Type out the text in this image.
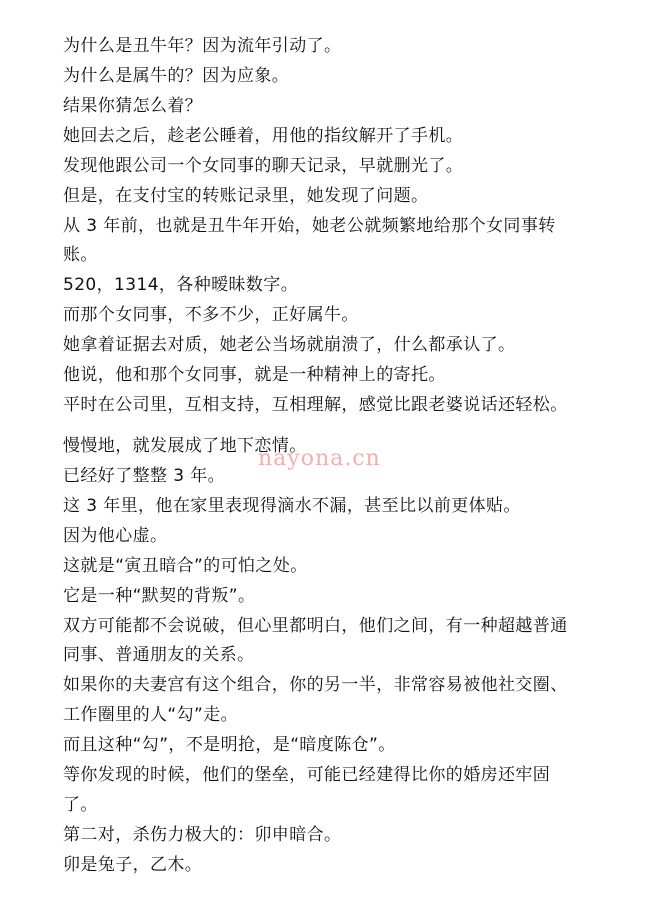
为什么是丑牛年？因为流年引动了。
为什么是属牛的？因为应象。
结果你猜怎么着？
她回去之后，趁老公睡着，用他的指纹解开了手机。
发现他跟公司一个女同事的聊天记录，早就删光了。
但是，在支付宝的转账记录里，她发现了问题。
从 3 年前，也就是丑牛年开始，她老公就频繁地给那个女同事转
账。
520，1314，各种暧昧数字。
而那个女同事，不多不少，正好属牛。
她拿着证据去对质，她老公当场就崩溃了，什么都承认了。
他说，他和那个女同事，就是一种精神上的寄托。
平时在公司里，互相支持，互相理解，感觉比跟老婆说话还轻松。
慢慢地，就发展成了地下恋情。
已经好了整整 3 年。
这 3 年里，他在家里表现得滴水不漏，甚至比以前更体贴。
因为他心虚。
这就是“寅丑暗合”的可怕之处。
它是一种“默契的背叛”。
双方可能都不会说破，但心里都明白，他们之间，有一种超越普通
同事、普通朋友的关系。
如果你的夫妻宫有这个组合，你的另一半，非常容易被他社交圈、
工作圈里的人“勾”走。
而且这种“勾”，不是明抢，是“暗度陈仓”。
等你发现的时候，他们的堡垒，可能已经建得比你的婚房还牢固
了。
第二对，杀伤力极大的：卯申暗合。
卯是兔子，乙木。
nayona.cn
